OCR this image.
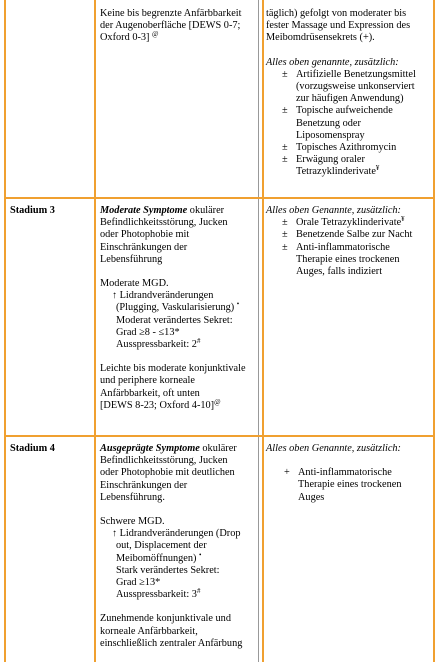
Keine bis begrenzte Anfärbbarkeit

der Augenoberfläche [DEWS 0-7;

Oxford 0-3] @

täglich) gefolgt von moderater bis

fester Massage und Expression des

Meibomdrüsensekrets (+).

Alles oben genannte, zusätzlich:

± Artifizielle Benetzungsmittel

(vorzugsweise unkonserviert

zur häufigen Anwendung)

± Topische aufweichende

Benetzung oder

Liposomenspray

± Topisches Azithromycin

± Erwägung oraler

Tetrazyklinderivate¥

Stadium 3	Moderate Symptome okulärer

Befindlichkeitsstörung, Jucken

oder Photophobie mit

Einschränkungen der

Lebensführung

Moderate MGD.

↑ Lidrandveränderungen

(Plugging, Vaskularisierung) •

Moderat verändertes Sekret:

Grad ≥8 - ≤13*

Ausspressbarkeit: 2#

Leichte bis moderate konjunktivale

und periphere korneale

Anfärbbarkeit, oft unten

[DEWS 8-23; Oxford 4-10]@

Alles oben Genannte, zusätzlich:

± Orale Tetrazyklinderivate¥

± Benetzende Salbe zur Nacht

± Anti-inflammatorische

Therapie eines trockenen

Auges, falls indiziert

Stadium 4	Ausgeprägte Symptome okulärer

Befindlichkeitsstörung, Jucken

oder Photophobie mit deutlichen

Einschränkungen der

Lebensführung.

Schwere MGD.

↑ Lidrandveränderungen (Drop

out, Displacement der

Meibomöffnungen) •

Stark verändertes Sekret:

Grad ≥13*

Ausspressbarkeit: 3#

Zunehmende konjunktivale und

korneale Anfärbbarkeit,

einschließlich zentraler Anfärbung

Alles oben Genannte, zusätzlich:

+ Anti-inflammatorische

Therapie eines trockenen

Auges
